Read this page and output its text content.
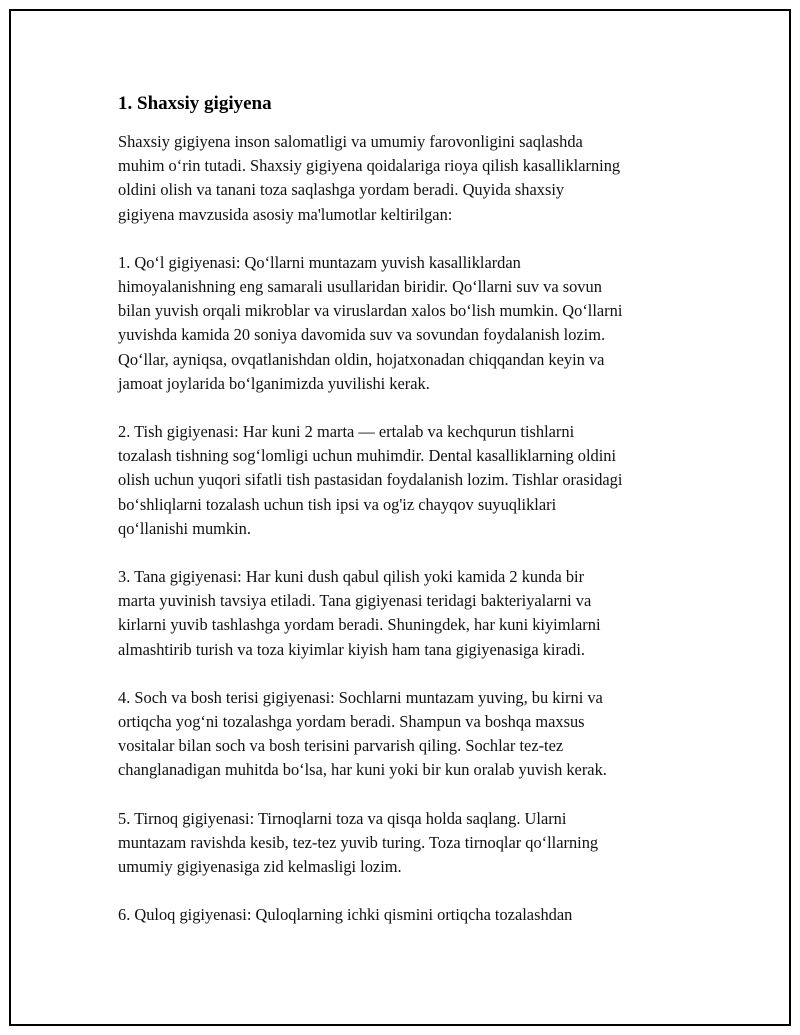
1. Shaxsiy gigiyena

Shaxsiy gigiyena inson salomatligi va umumiy farovonligini saqlashda
muhim o‘rin tutadi. Shaxsiy gigiyena qoidalariga rioya qilish kasalliklarning
oldini olish va tanani toza saqlashga yordam beradi. Quyida shaxsiy
gigiyena mavzusida asosiy ma'lumotlar keltirilgan:

1. Qo‘l gigiyenasi: Qo‘llarni muntazam yuvish kasalliklardan
himoyalanishning eng samarali usullaridan biridir. Qo‘llarni suv va sovun
bilan yuvish orqali mikroblar va viruslardan xalos bo‘lish mumkin. Qo‘llarni
yuvishda kamida 20 soniya davomida suv va sovundan foydalanish lozim.
Qo‘llar, ayniqsa, ovqatlanishdan oldin, hojatxonadan chiqqandan keyin va
jamoat joylarida bo‘lganimizda yuvilishi kerak.

2. Tish gigiyenasi: Har kuni 2 marta — ertalab va kechqurun tishlarni
tozalash tishning sog‘lomligi uchun muhimdir. Dental kasalliklarning oldini
olish uchun yuqori sifatli tish pastasidan foydalanish lozim. Tishlar orasidagi
bo‘shliqlarni tozalash uchun tish ipsi va og'iz chayqov suyuqliklari
qo‘llanishi mumkin.

3. Tana gigiyenasi: Har kuni dush qabul qilish yoki kamida 2 kunda bir
marta yuvinish tavsiya etiladi. Tana gigiyenasi teridagi bakteriyalarni va
kirlarni yuvib tashlashga yordam beradi. Shuningdek, har kuni kiyimlarni
almashtirib turish va toza kiyimlar kiyish ham tana gigiyenasiga kiradi.

4. Soch va bosh terisi gigiyenasi: Sochlarni muntazam yuving, bu kirni va
ortiqcha yog‘ni tozalashga yordam beradi. Shampun va boshqa maxsus
vositalar bilan soch va bosh terisini parvarish qiling. Sochlar tez-tez
changlanadigan muhitda bo‘lsa, har kuni yoki bir kun oralab yuvish kerak.

5. Tirnoq gigiyenasi: Tirnoqlarni toza va qisqa holda saqlang. Ularni
muntazam ravishda kesib, tez-tez yuvib turing. Toza tirnoqlar qo‘llarning
umumiy gigiyenasiga zid kelmasligi lozim.

6. Quloq gigiyenasi: Quloqlarning ichki qismini ortiqcha tozalashdan
